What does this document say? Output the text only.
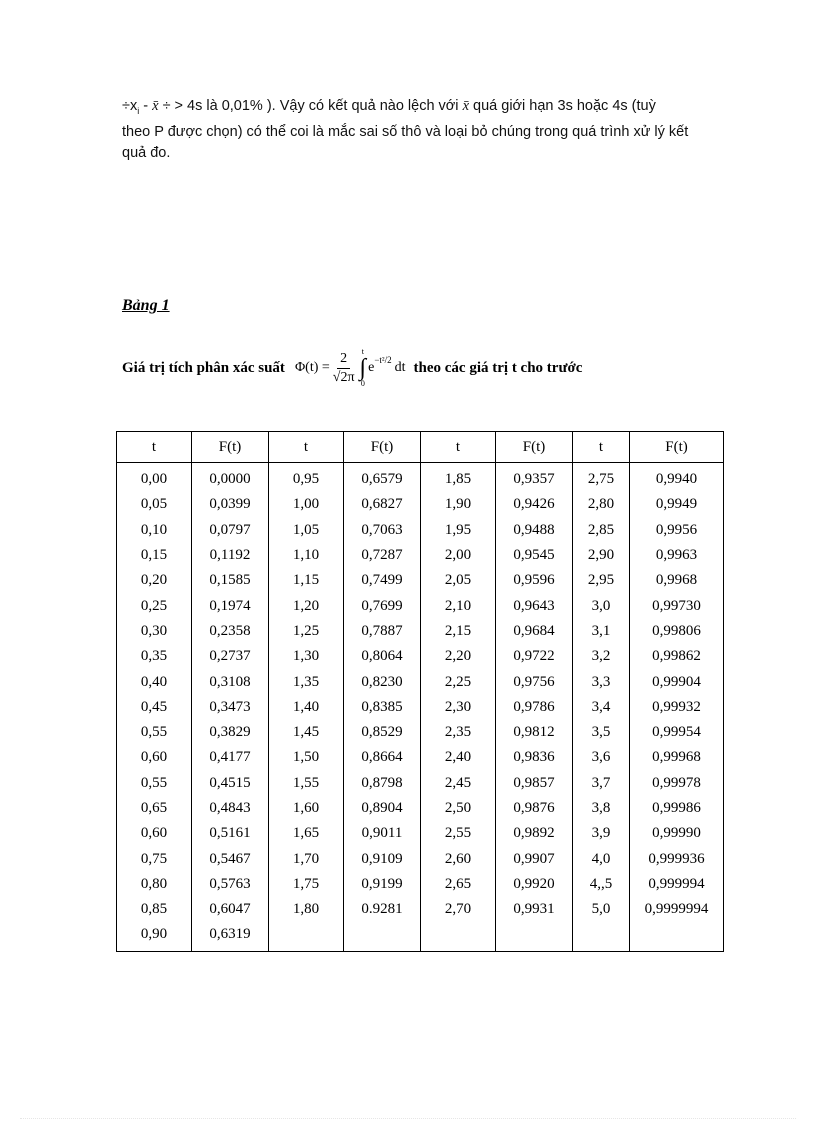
$\div x_i$ - x̄ ÷ > 4s là 0,01% ). Vậy có kết quả nào lệch với x̄ quá giới hạn 3s hoặc 4s (tuỳ
theo P được chọn) có thể coi là mắc sai số thô và loại bỏ chúng trong quá trình xử lý kết
quả đo.
Bảng 1
Giá trị tích phân xác suất $\Phi(t) = \frac{2}{√2\pi}$ t
∫
0
e −t²/2 dt theo các giá trị t cho trước
t	F(t)	t	F(t)	t	F(t)	t	F(t)
0,00	0,0000	0,95	0,6579	1,85	0,9357	2,75	0,9940
0,05	0,0399	1,00	0,6827	1,90	0,9426	2,80	0,9949
0,10	0,0797	1,05	0,7063	1,95	0,9488	2,85	0,9956
0,15	0,1192	1,10	0,7287	2,00	0,9545	2,90	0,9963
0,20	0,1585	1,15	0,7499	2,05	0,9596	2,95	0,9968
0,25	0,1974	1,20	0,7699	2,10	0,9643	3,0	0,99730
0,30	0,2358	1,25	0,7887	2,15	0,9684	3,1	0,99806
0,35	0,2737	1,30	0,8064	2,20	0,9722	3,2	0,99862
0,40	0,3108	1,35	0,8230	2,25	0,9756	3,3	0,99904
0,45	0,3473	1,40	0,8385	2,30	0,9786	3,4	0,99932
0,55	0,3829	1,45	0,8529	2,35	0,9812	3,5	0,99954
0,60	0,4177	1,50	0,8664	2,40	0,9836	3,6	0,99968
0,55	0,4515	1,55	0,8798	2,45	0,9857	3,7	0,99978
0,65	0,4843	1,60	0,8904	2,50	0,9876	3,8	0,99986
0,60	0,5161	1,65	0,9011	2,55	0,9892	3,9	0,99990
0,75	0,5467	1,70	0,9109	2,60	0,9907	4,0	0,999936
0,80	0,5763	1,75	0,9199	2,65	0,9920	4,,5	0,999994
0,85	0,6047	1,80	0.9281	2,70	0,9931	5,0	0,9999994
0,90	0,6319						
